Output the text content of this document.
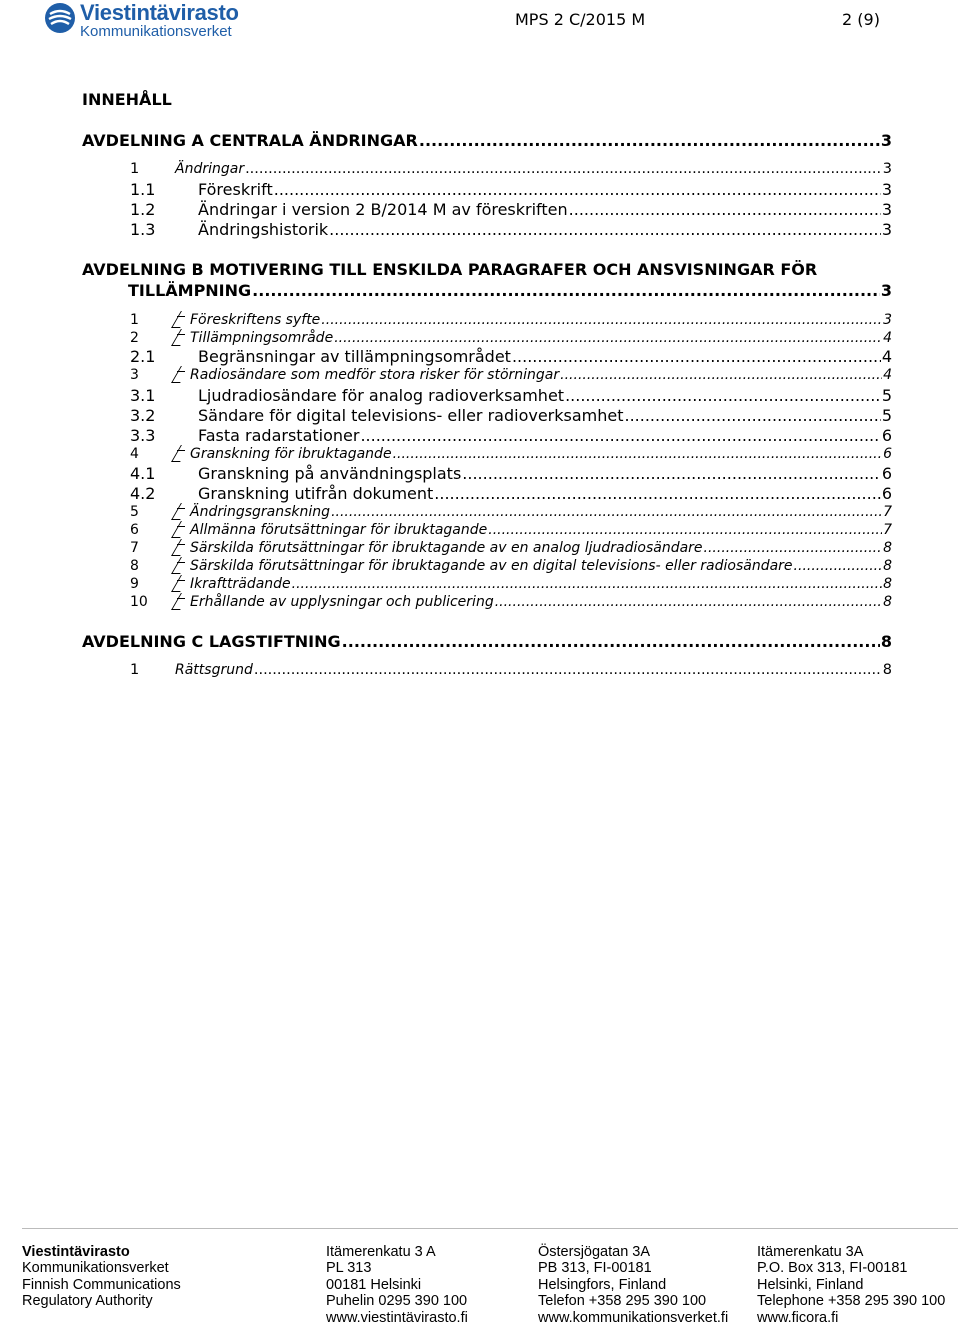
Viestintävirasto
Kommunikationsverket
MPS 2 C/2015 M	2 (9)
INNEHÅLL
AVDELNING A CENTRALA ÄNDRINGAR .....	3
1	Ändringar .....	3
1.1	Föreskrift .....	3
1.2	Ändringar i version 2 B/2014 M av föreskriften .....	3
1.3	Ändringshistorik .....	3
AVDELNING B MOTIVERING TILL ENSKILDA PARAGRAFER OCH ANSVISNINGAR FÖR
TILLÄMPNING .....	3
1	Föreskriftens syfte .....	3
2	Tillämpningsområde .....	4
2.1	Begränsningar av tillämpningsområdet .....	4
3	Radiosändare som medför stora risker för störningar .....	4
3.1	Ljudradiosändare för analog radioverksamhet .....	5
3.2	Sändare för digital televisions- eller radioverksamhet .....	5
3.3	Fasta radarstationer .....	6
4	Granskning för ibruktagande .....	6
4.1	Granskning på användningsplats .....	6
4.2	Granskning utifrån dokument .....	6
5	Ändringsgranskning .....	7
6	Allmänna förutsättningar för ibruktagande .....	7
7	Särskilda förutsättningar för ibruktagande av en analog ljudradiosändare .....	8
8	Särskilda förutsättningar för ibruktagande av en digital televisions- eller radiosändare .....	8
9	Ikraftträdande .....	8
10	Erhållande av upplysningar och publicering .....	8
AVDELNING C LAGSTIFTNING .....	8
1	Rättsgrund .....	8
Viestintävirasto
Kommunikationsverket
Finnish Communications
Regulatory Authority
Itämerenkatu 3 A
PL 313
00181 Helsinki
Puhelin 0295 390 100
www.viestintävirasto.fi
Östersjögatan 3A
PB 313, FI-00181
Helsingfors, Finland
Telefon +358 295 390 100
www.kommunikationsverket.fi
Itämerenkatu 3A
P.O. Box 313, FI-00181
Helsinki, Finland
Telephone +358 295 390 100
www.ficora.fi
